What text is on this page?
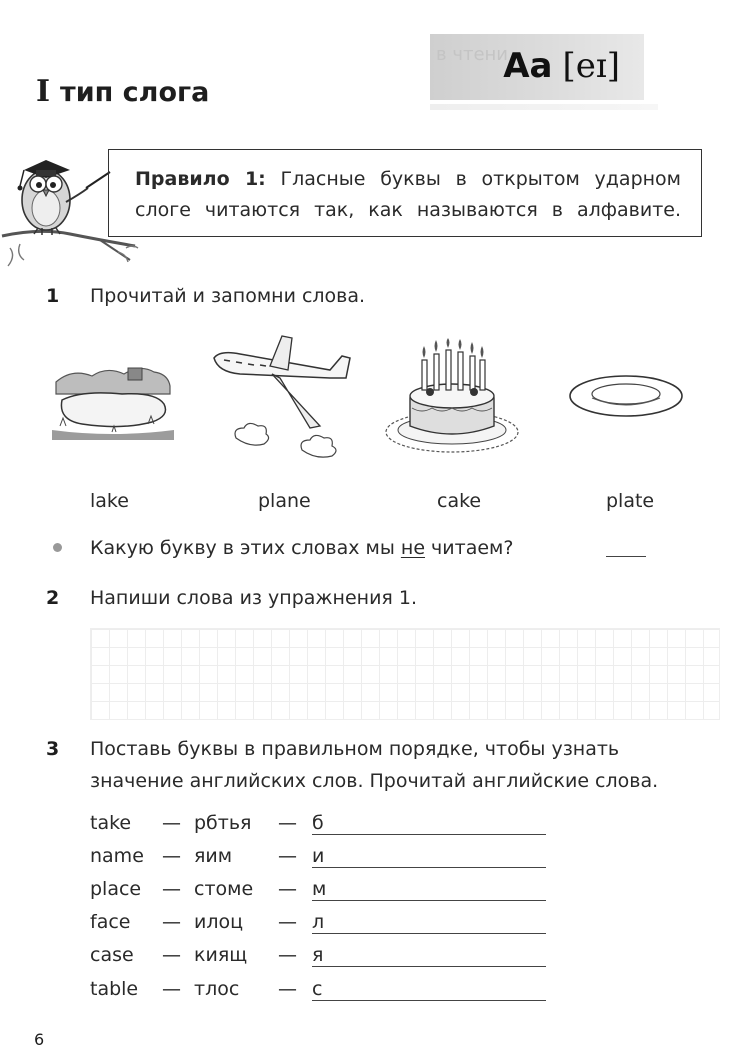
I тип слога
в чтени
Aa [eɪ]
Правило 1: Гласные буквы в открытом ударном слоге читаются так, как называются в алфавите.
1 Прочитай и запомни слова.
lake	plane	cake	plate
Какую букву в этих словах мы не читаем?
2 Напиши слова из упражнения 1.
3 Поставь буквы в правильном порядке, чтобы узнать
значение английских слов. Прочитай английские слова.
take — рбтья — б
name — яим — и
place — стоме — м
face — илоц — л
case — киящ — я
table — тлос — с
6
